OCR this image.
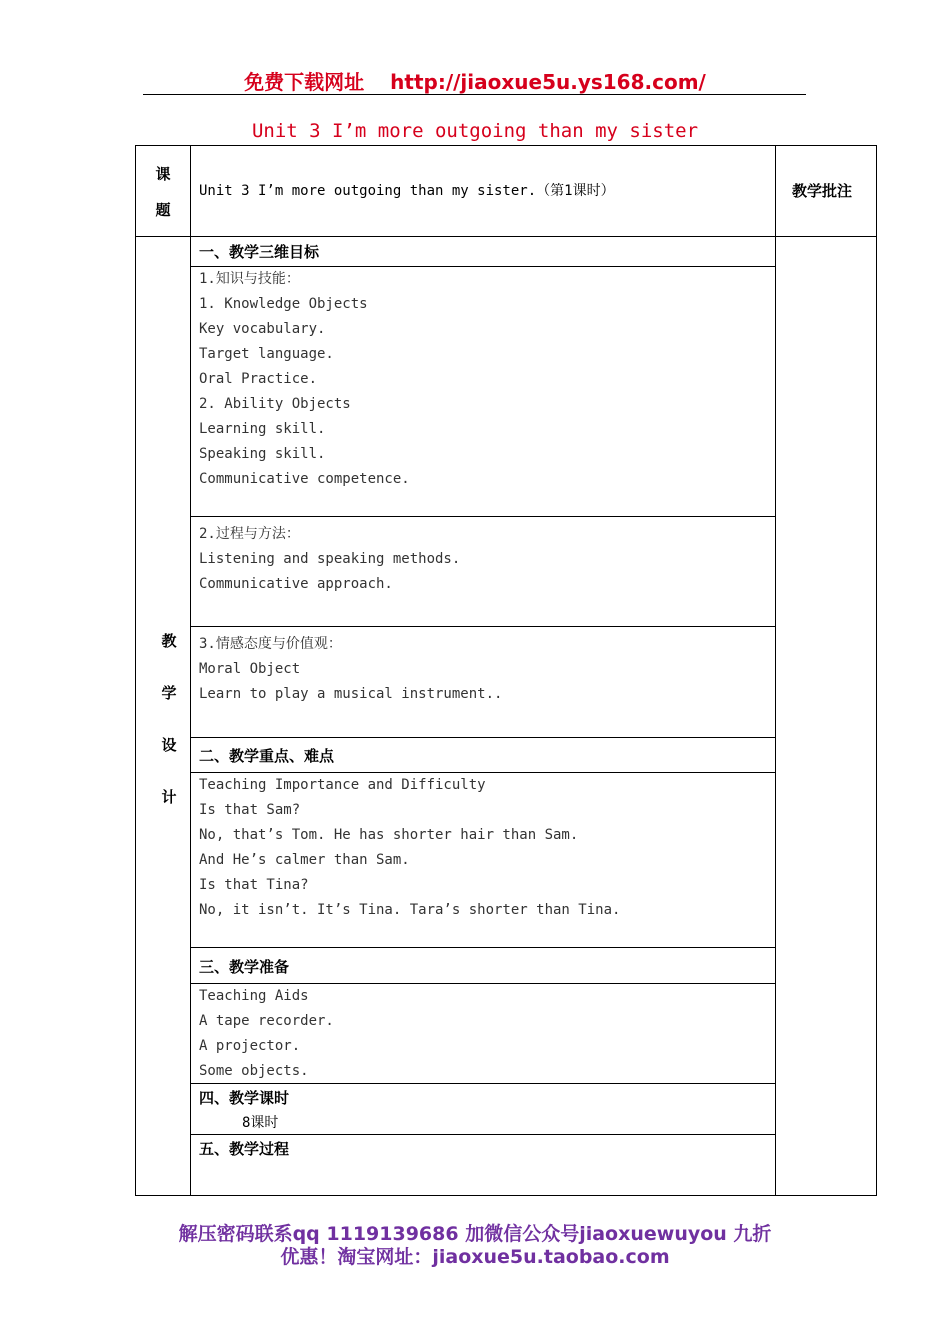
免费下载网址 http://jiaoxue5u.ys168.com/
Unit 3 I’m more outgoing than my sister
课
题
Unit 3 I’m more outgoing than my sister.（第1课时）	教学批注
教
学
设
计
一、教学三维目标
1.知识与技能：
1. Knowledge Objects
Key vocabulary.
Target language.
Oral Practice.
2. Ability Objects
Learning skill.
Speaking skill.
Communicative competence.
2.过程与方法：
Listening and speaking methods.
Communicative approach.
3.情感态度与价值观：
Moral Object
Learn to play a musical instrument..
二、教学重点、难点
Teaching Importance and Difficulty
Is that Sam?
No, that’s Tom. He has shorter hair than Sam.
And He’s calmer than Sam.
Is that Tina?
No, it isn’t. It’s Tina. Tara’s shorter than Tina.
三、教学准备
Teaching Aids
A tape recorder.
A projector.
Some objects.
四、教学课时
8课时
五、教学过程
解压密码联系qq 1119139686 加微信公众号jiaoxuewuyou 九折
优惠！淘宝网址：jiaoxue5u.taobao.com
